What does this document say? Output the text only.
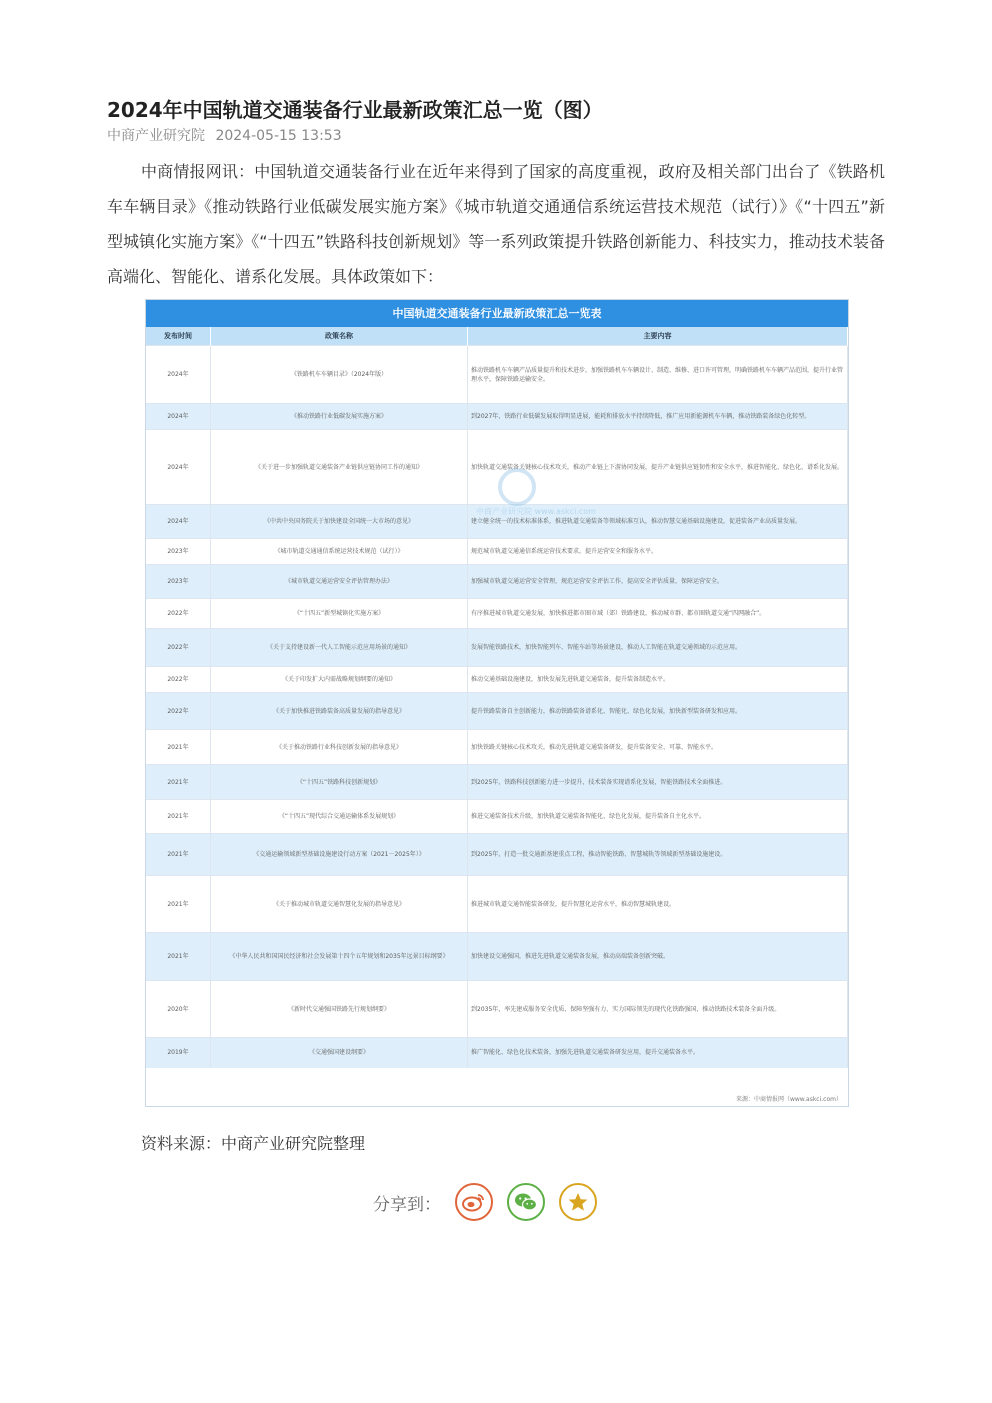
2024年中国轨道交通装备行业最新政策汇总一览（图）
中商产业研究院 2024-05-15 13:53
中商情报网讯：中国轨道交通装备行业在近年来得到了国家的高度重视，政府及相关部门出台了《铁路机车车辆目录》《推动铁路行业低碳发展实施方案》《城市轨道交通通信系统运营技术规范（试行）》《“十四五”新型城镇化实施方案》《“十四五”铁路科技创新规划》等一系列政策提升铁路创新能力、科技实力，推动技术装备高端化、智能化、谱系化发展。具体政策如下：
中国轨道交通装备行业最新政策汇总一览表
发布时间	政策名称	主要内容
2024年	《铁路机车车辆目录》（2024年版）	推动铁路机车车辆产品质量提升和技术进步，加强铁路机车车辆设计、制造、维修、进口许可管理，明确铁路机车车辆产品范围，提升行业管理水平，保障铁路运输安全。
2024年	《推动铁路行业低碳发展实施方案》	到2027年，铁路行业低碳发展取得明显进展，能耗和排放水平持续降低，推广应用新能源机车车辆，推动铁路装备绿色化转型。
2024年	《关于进一步加强轨道交通装备产业链供应链协同工作的通知》	加快轨道交通装备关键核心技术攻关，推动产业链上下游协同发展，提升产业链供应链韧性和安全水平，推进智能化、绿色化、谱系化发展。
2024年	《中共中央国务院关于加快建设全国统一大市场的意见》	建立健全统一的技术标准体系，推进轨道交通装备等领域标准互认，推动智慧交通基础设施建设，促进装备产业高质量发展。
2023年	《城市轨道交通通信系统运营技术规范（试行）》	规范城市轨道交通通信系统运营技术要求，提升运营安全和服务水平。
2023年	《城市轨道交通运营安全评估管理办法》	加强城市轨道交通运营安全管理，规范运营安全评估工作，提高安全评估质量，保障运营安全。
2022年	《“十四五”新型城镇化实施方案》	有序推进城市轨道交通发展，加快推进都市圈市域（郊）铁路建设，推动城市群、都市圈轨道交通“四网融合”。
2022年	《关于支持建设新一代人工智能示范应用场景的通知》	发展智能铁路技术，加快智能列车、智能车站等场景建设，推动人工智能在轨道交通领域的示范应用。
2022年	《关于印发扩大内需战略规划纲要的通知》	推动交通基础设施建设，加快发展先进轨道交通装备，提升装备制造水平。
2022年	《关于加快推进铁路装备高质量发展的指导意见》	提升铁路装备自主创新能力，推动铁路装备谱系化、智能化、绿色化发展，加快新型装备研发和应用。
2021年	《关于推动铁路行业科技创新发展的指导意见》	加快铁路关键核心技术攻关，推动先进轨道交通装备研发，提升装备安全、可靠、智能水平。
2021年	《“十四五”铁路科技创新规划》	到2025年，铁路科技创新能力进一步提升，技术装备实现谱系化发展，智能铁路技术全面推进。
2021年	《“十四五”现代综合交通运输体系发展规划》	推进交通装备技术升级，加快轨道交通装备智能化、绿色化发展，提升装备自主化水平。
2021年	《交通运输领域新型基础设施建设行动方案（2021－2025年）》	到2025年，打造一批交通新基建重点工程，推动智能铁路、智慧城轨等领域新型基础设施建设。
2021年	《关于推动城市轨道交通智慧化发展的指导意见》	推进城市轨道交通智能装备研发，提升智慧化运营水平，推动智慧城轨建设。
2021年	《中华人民共和国国民经济和社会发展第十四个五年规划和2035年远景目标纲要》	加快建设交通强国，推进先进轨道交通装备发展，推动高端装备创新突破。
2020年	《新时代交通强国铁路先行规划纲要》	到2035年，率先建成服务安全优质、保障坚强有力、实力国际领先的现代化铁路强国，推动铁路技术装备全面升级。
2019年	《交通强国建设纲要》	推广智能化、绿色化技术装备，加强先进轨道交通装备研发应用，提升交通装备水平。
中商产业研究院 www.askci.com
来源：中商情报网（www.askci.com）
资料来源：中商产业研究院整理
分享到：
